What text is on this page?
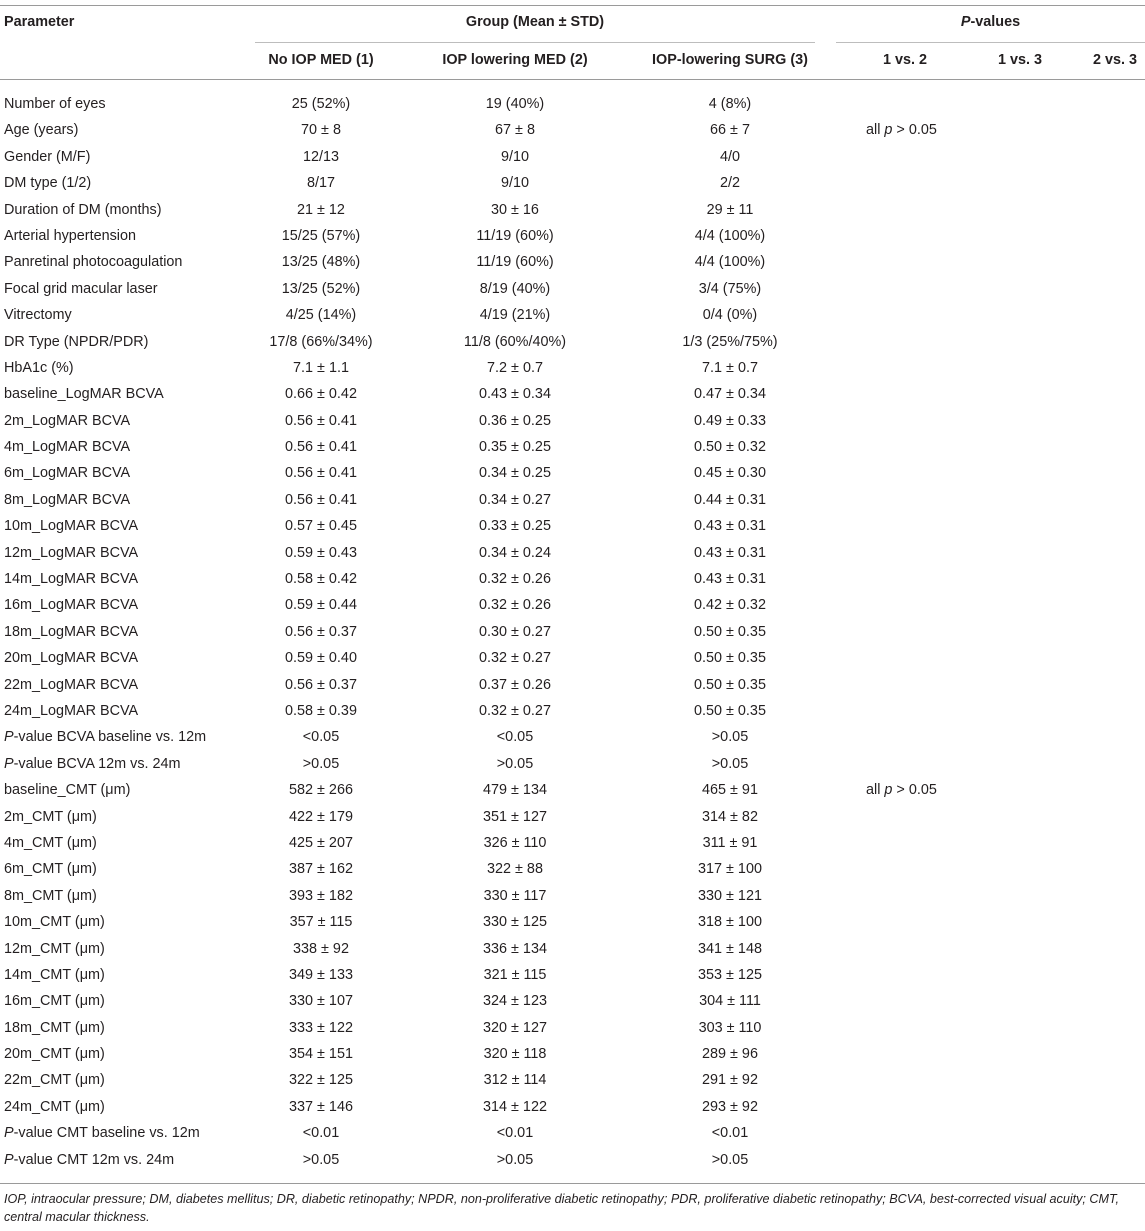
Parameter	Group (Mean ± STD)	P-values
No IOP MED (1)	IOP lowering MED (2)	IOP-lowering SURG (3)	1 vs. 2	1 vs. 3	2 vs. 3
Number of eyes	25 (52%)	19 (40%)	4 (8%)
Age (years)	70 ± 8	67 ± 8	66 ± 7	all p > 0.05
Gender (M/F)	12/13	9/10	4/0
DM type (1/2)	8/17	9/10	2/2
Duration of DM (months)	21 ± 12	30 ± 16	29 ± 11
Arterial hypertension	15/25 (57%)	11/19 (60%)	4/4 (100%)
Panretinal photocoagulation	13/25 (48%)	11/19 (60%)	4/4 (100%)
Focal grid macular laser	13/25 (52%)	8/19 (40%)	3/4 (75%)
Vitrectomy	4/25 (14%)	4/19 (21%)	0/4 (0%)
DR Type (NPDR/PDR)	17/8 (66%/34%)	11/8 (60%/40%)	1/3 (25%/75%)
HbA1c (%)	7.1 ± 1.1	7.2 ± 0.7	7.1 ± 0.7
baseline_LogMAR BCVA	0.66 ± 0.42	0.43 ± 0.34	0.47 ± 0.34
2m_LogMAR BCVA	0.56 ± 0.41	0.36 ± 0.25	0.49 ± 0.33
4m_LogMAR BCVA	0.56 ± 0.41	0.35 ± 0.25	0.50 ± 0.32
6m_LogMAR BCVA	0.56 ± 0.41	0.34 ± 0.25	0.45 ± 0.30
8m_LogMAR BCVA	0.56 ± 0.41	0.34 ± 0.27	0.44 ± 0.31
10m_LogMAR BCVA	0.57 ± 0.45	0.33 ± 0.25	0.43 ± 0.31
12m_LogMAR BCVA	0.59 ± 0.43	0.34 ± 0.24	0.43 ± 0.31
14m_LogMAR BCVA	0.58 ± 0.42	0.32 ± 0.26	0.43 ± 0.31
16m_LogMAR BCVA	0.59 ± 0.44	0.32 ± 0.26	0.42 ± 0.32
18m_LogMAR BCVA	0.56 ± 0.37	0.30 ± 0.27	0.50 ± 0.35
20m_LogMAR BCVA	0.59 ± 0.40	0.32 ± 0.27	0.50 ± 0.35
22m_LogMAR BCVA	0.56 ± 0.37	0.37 ± 0.26	0.50 ± 0.35
24m_LogMAR BCVA	0.58 ± 0.39	0.32 ± 0.27	0.50 ± 0.35
P-value BCVA baseline vs. 12m	<0.05	<0.05	>0.05
P-value BCVA 12m vs. 24m	>0.05	>0.05	>0.05
baseline_CMT (μm)	582 ± 266	479 ± 134	465 ± 91	all p > 0.05
2m_CMT (μm)	422 ± 179	351 ± 127	314 ± 82
4m_CMT (μm)	425 ± 207	326 ± 110	311 ± 91
6m_CMT (μm)	387 ± 162	322 ± 88	317 ± 100
8m_CMT (μm)	393 ± 182	330 ± 117	330 ± 121
10m_CMT (μm)	357 ± 115	330 ± 125	318 ± 100
12m_CMT (μm)	338 ± 92	336 ± 134	341 ± 148
14m_CMT (μm)	349 ± 133	321 ± 115	353 ± 125
16m_CMT (μm)	330 ± 107	324 ± 123	304 ± 111
18m_CMT (μm)	333 ± 122	320 ± 127	303 ± 110
20m_CMT (μm)	354 ± 151	320 ± 118	289 ± 96
22m_CMT (μm)	322 ± 125	312 ± 114	291 ± 92
24m_CMT (μm)	337 ± 146	314 ± 122	293 ± 92
P-value CMT baseline vs. 12m	<0.01	<0.01	<0.01
P-value CMT 12m vs. 24m	>0.05	>0.05	>0.05
IOP, intraocular pressure; DM, diabetes mellitus; DR, diabetic retinopathy; NPDR, non-proliferative diabetic retinopathy; PDR, proliferative diabetic retinopathy; BCVA, best-corrected visual acuity; CMT, central macular thickness.
